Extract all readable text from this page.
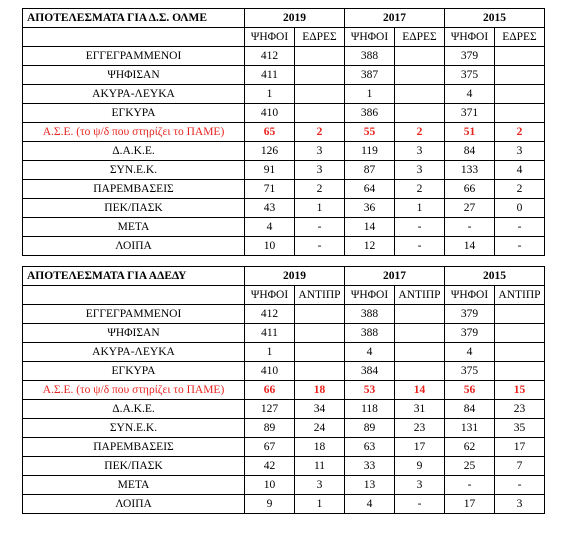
ΑΠΟΤΕΛΕΣΜΑΤΑ ΓΙΑ Δ.Σ. ΟΛΜΕ	2019		2017		2015	
	ΨΗΦΟΙ	ΕΔΡΕΣ	ΨΗΦΟΙ	ΕΔΡΕΣ	ΨΗΦΟΙ	ΕΔΡΕΣ
ΕΓΓΕΓΡΑΜΜΕΝΟΙ	412		388		379	
ΨΗΦΙΣΑΝ	411		387		375	
ΑΚΥΡΑ-ΛΕΥΚΑ	1		1		4	
ΕΓΚΥΡΑ	410		386		371	
Α.Σ.Ε. (το ψ/δ που στηρίζει το ΠΑΜΕ)	65	2	55	2	51	2
Δ.Α.Κ.Ε.	126	3	119	3	84	3
ΣΥΝ.Ε.Κ.	91	3	87	3	133	4
ΠΑΡΕΜΒΑΣΕΙΣ	71	2	64	2	66	2
ΠΕΚ/ΠΑΣΚ	43	1	36	1	27	0
ΜΕΤΑ	4	-	14	-	-	-
ΛΟΙΠΑ	10	-	12	-	14	-
ΑΠΟΤΕΛΕΣΜΑΤΑ ΓΙΑ ΑΔΕΔΥ	2019		2017		2015	
	ΨΗΦΟΙ	ΑΝΤΙΠΡ	ΨΗΦΟΙ	ΑΝΤΙΠΡ	ΨΗΦΟΙ	ΑΝΤΙΠΡ
ΕΓΓΕΓΡΑΜΜΕΝΟΙ	412		388		379	
ΨΗΦΙΣΑΝ	411		388		379	
ΑΚΥΡΑ-ΛΕΥΚΑ	1		4		4	
ΕΓΚΥΡΑ	410		384		375	
Α.Σ.Ε. (το ψ/δ που στηρίζει το ΠΑΜΕ)	66	18	53	14	56	15
Δ.Α.Κ.Ε.	127	34	118	31	84	23
ΣΥΝ.Ε.Κ.	89	24	89	23	131	35
ΠΑΡΕΜΒΑΣΕΙΣ	67	18	63	17	62	17
ΠΕΚ/ΠΑΣΚ	42	11	33	9	25	7
ΜΕΤΑ	10	3	13	3	-	-
ΛΟΙΠΑ	9	1	4	-	17	3
